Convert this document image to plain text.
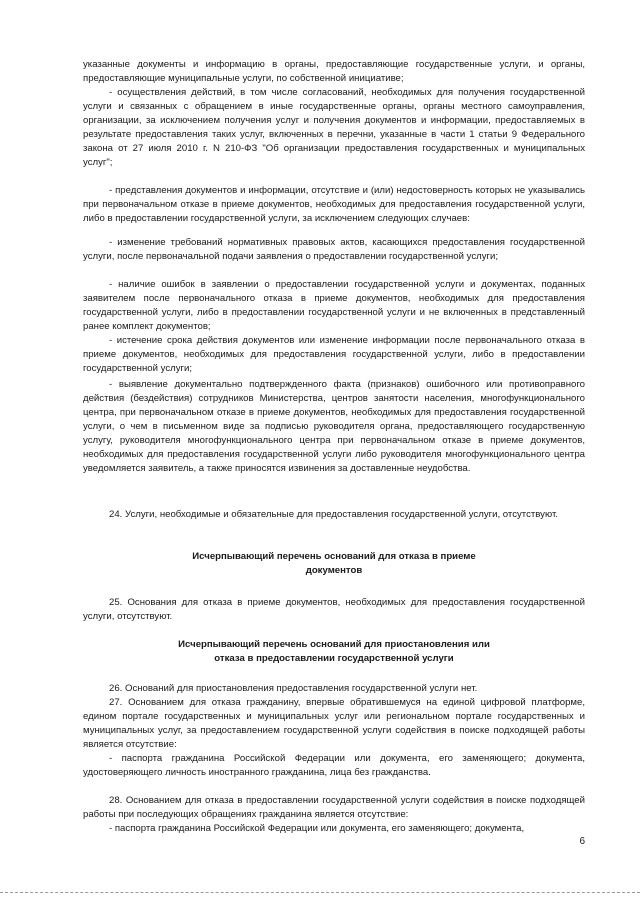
указанные документы и информацию в органы, предоставляющие государственные услуги, и органы, предоставляющие муниципальные услуги, по собственной инициативе;

- осуществления действий, в том числе согласований, необходимых для получения государственной услуги и связанных с обращением в иные государственные органы, органы местного самоуправления, организации, за исключением получения услуг и получения документов и информации, предоставляемых в результате предоставления таких услуг, включенных в перечни, указанные в части 1 статьи 9 Федерального закона от 27 июля 2010 г. N 210-ФЗ "Об организации предоставления государственных и муниципальных услуг";

- представления документов и информации, отсутствие и (или) недостоверность которых не указывались при первоначальном отказе в приеме документов, необходимых для предоставления государственной услуги, либо в предоставлении государственной услуги, за исключением следующих случаев:

- изменение требований нормативных правовых актов, касающихся предоставления государственной услуги, после первоначальной подачи заявления о предоставлении государственной услуги;

- наличие ошибок в заявлении о предоставлении государственной услуги и документах, поданных заявителем после первоначального отказа в приеме документов, необходимых для предоставления государственной услуги, либо в предоставлении государственной услуги и не включенных в представленный ранее комплект документов;

- истечение срока действия документов или изменение информации после первоначального отказа в приеме документов, необходимых для предоставления государственной услуги, либо в предоставлении государственной услуги;

- выявление документально подтвержденного факта (признаков) ошибочного или противоправного действия (бездействия) сотрудников Министерства, центров занятости населения, многофункционального центра, при первоначальном отказе в приеме документов, необходимых для предоставления государственной услуги, о чем в письменном виде за подписью руководителя органа, предоставляющего государственную услугу, руководителя многофункционального центра при первоначальном отказе в приеме документов, необходимых для предоставления государственной услуги либо руководителя многофункционального центра уведомляется заявитель, а также приносятся извинения за доставленные неудобства.

24. Услуги, необходимые и обязательные для предоставления государственной услуги, отсутствуют.

Исчерпывающий перечень оснований для отказа в приеме
документов

25. Основания для отказа в приеме документов, необходимых для предоставления государственной услуги, отсутствуют.

Исчерпывающий перечень оснований для приостановления или
отказа в предоставлении государственной услуги

26. Оснований для приостановления предоставления государственной услуги нет.

27. Основанием для отказа гражданину, впервые обратившемуся на единой цифровой платформе, едином портале государственных и муниципальных услуг или региональном портале государственных и муниципальных услуг, за предоставлением государственной услуги содействия в поиске подходящей работы является отсутствие:

- паспорта гражданина Российской Федерации или документа, его заменяющего; документа, удостоверяющего личность иностранного гражданина, лица без гражданства.

28. Основанием для отказа в предоставлении государственной услуги содействия в поиске подходящей работы при последующих обращениях гражданина является отсутствие:

- паспорта гражданина Российской Федерации или документа, его заменяющего; документа,

6
